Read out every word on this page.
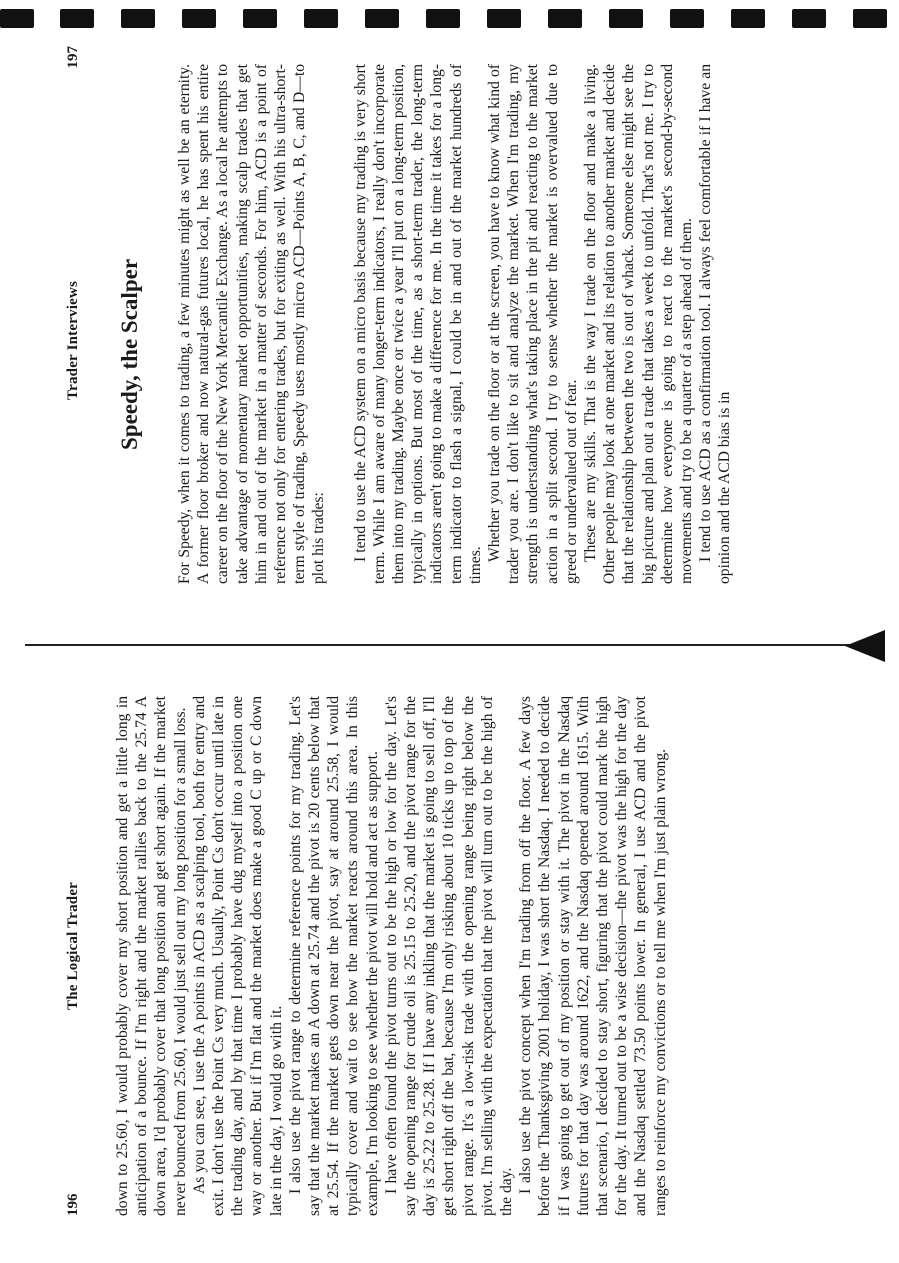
196
The Logical Trader down to 25.60, I would probably cover my short position and get a little long in anticipation of a bounce. If I'm right and the market rallies back to the 25.74 A down area, I'd probably cover that long position and get short again. If the market never bounced from 25.60, I would just sell out my long position for a small loss. As you can see, I use the A points in ACD as a scalping tool, both for entry and exit. I don't use the Point Cs very much. Usually, Point Cs don't occur until late in the trading day, and by that time I probably have dug myself into a position one way or another. But if I'm flat and the market does make a good C up or C down late in the day, I would go with it. I also use the pivot range to determine reference points for my trading. Let's say that the market makes an A down at 25.74 and the pivot is 20 cents below that at 25.54. If the market gets down near the pivot, say at around 25.58, I would typically cover and wait to see how the market reacts around this area. In this example, I'm looking to see whether the pivot will hold and act as support. I have often found the pivot turns out to be the high or low for the day. Let's say the opening range for crude oil is 25.15 to 25.20, and the pivot range for the day is 25.22 to 25.28. If I have any inkling that the market is going to sell off, I'll get short right off the bat, because I'm only risking about 10 ticks up to top of the pivot range. It's a low-risk trade with the opening range being right below the pivot. I'm selling with the expectation that the pivot will turn out to be the high of the day. I also use the pivot concept when I'm trading from off the floor. A few days before the Thanksgiving 2001 holiday, I was short the Nasdaq. I needed to decide if I was going to get out of my position or stay with it. The pivot in the Nasdaq futures for that day was around 1622, and the Nasdaq opened around 1615. With that scenario, I decided to stay short, figuring that the pivot could mark the high for the day. It turned out to be a wise decision—the pivot was the high for the day and the Nasdaq settled 73.50 points lower. In general, I use ACD and the pivot ranges to reinforce my convictions or to tell me when I'm just plain wrong.

Trader Interviews
197
Speedy, the Scalper For Speedy, when it comes to trading, a few minutes might as well be an eternity. A former floor broker and now natural-gas futures local, he has spent his entire career on the floor of the New York Mercantile Exchange. As a local he attempts to take advantage of momentary market opportunities, making scalp trades that get him in and out of the market in a matter of seconds. For him, ACD is a point of reference not only for entering trades, but for exiting as well. With his ultra-short-term style of trading, Speedy uses mostly micro ACD—Points A, B, C, and D—to plot his trades: I tend to use the ACD system on a micro basis because my trading is very short term. While I am aware of many longer-term indicators, I really don't incorporate them into my trading. Maybe once or twice a year I'll put on a long-term position, typically in options. But most of the time, as a short-term trader, the long-term indicators aren't going to make a difference for me. In the time it takes for a long-term indicator to flash a signal, I could be in and out of the market hundreds of times.

Whether you trade on the floor or at the screen, you have to know what kind of trader you are. I don't like to sit and analyze the market. When I'm trading, my strength is understanding what's taking place in the pit and reacting to the market action in a split second. I try to sense whether the market is overvalued due to greed or undervalued out of fear. These are my skills. That is the way I trade on the floor and make a living. Other people may look at one market and its relation to another market and decide that the relationship between the two is out of whack. Someone else might see the big picture and plan out a trade that takes a week to unfold. That's not me. I try to determine how everyone is going to react to the market's second-by-second movements and try to be a quarter of a step ahead of them. I tend to use ACD as a confirmation tool. I always feel comfortable if I have an opinion and the ACD bias is in
